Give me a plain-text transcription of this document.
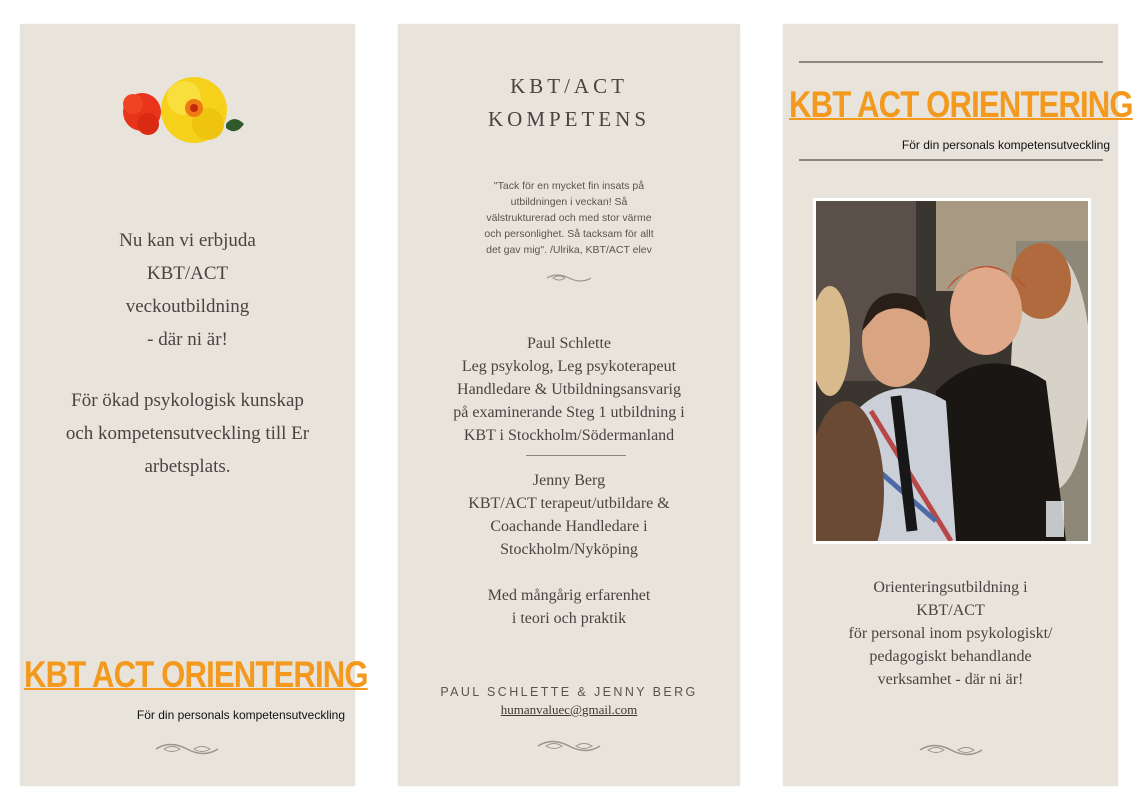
Nu kan vi erbjuda
KBT/ACT
veckoutbildning
- där ni är!
För ökad psykologisk kunskap
och kompetensutveckling till Er
arbetsplats.
KBT ACT ORIENTERING
För din personals kompetensutveckling
KBT/ACT
KOMPETENS
"Tack för en mycket fin insats på
utbildningen i veckan! Så
välstrukturerad och med stor värme
och personlighet. Så tacksam för allt
det gav mig". /Ulrika, KBT/ACT elev
Paul Schlette
Leg psykolog, Leg psykoterapeut
Handledare & Utbildningsansvarig
på examinerande Steg 1 utbildning i
KBT i Stockholm/Södermanland
Jenny Berg
KBT/ACT terapeut/utbildare &
Coachande Handledare i
Stockholm/Nyköping
Med mångårig erfarenhet
i teori och praktik
PAUL SCHLETTE & JENNY BERG
humanvaluec@gmail.com
KBT ACT ORIENTERING
För din personals kompetensutveckling
Orienteringsutbildning i
KBT/ACT
för personal inom psykologiskt/
pedagogiskt behandlande
verksamhet - där ni är!
